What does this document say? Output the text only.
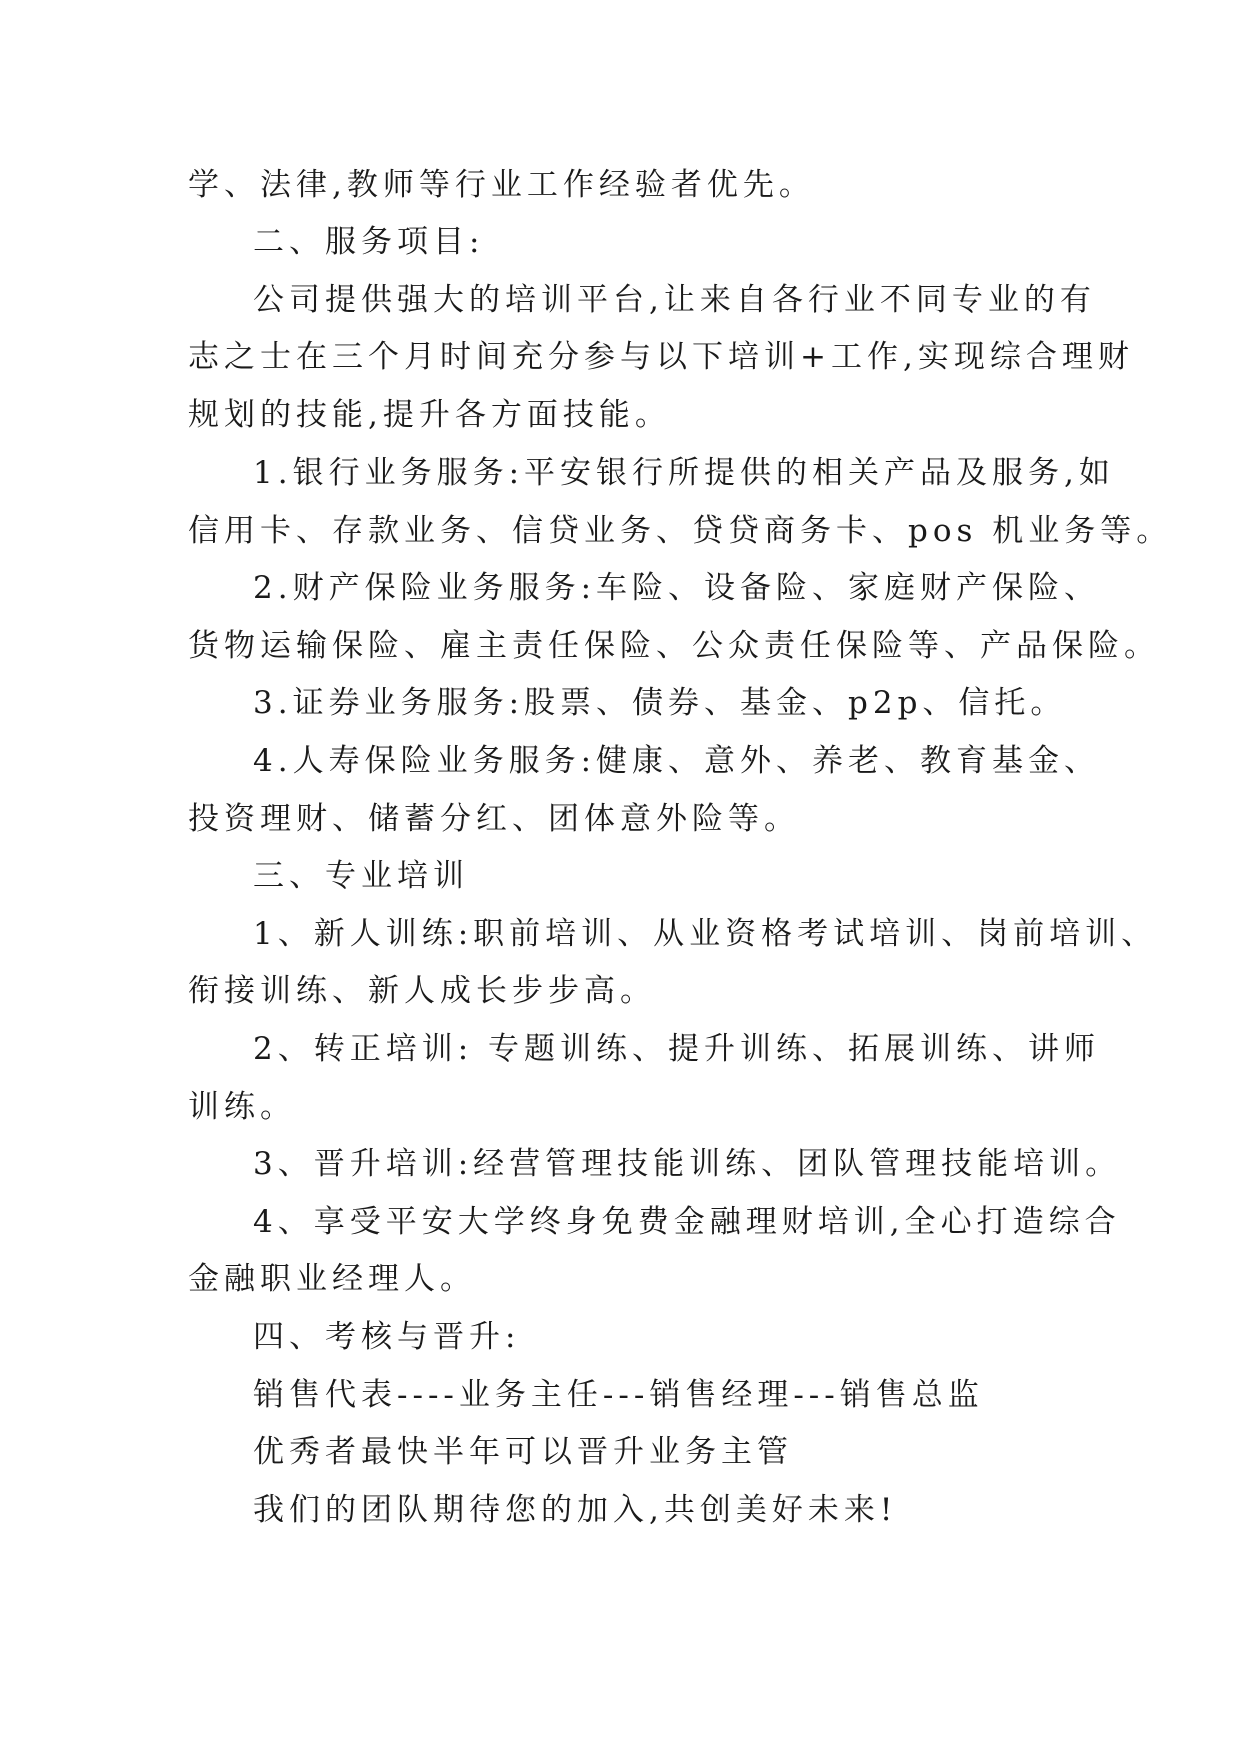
学、法律,教师等行业工作经验者优先。
二、服务项目:
公司提供强大的培训平台,让来自各行业不同专业的有
志之士在三个月时间充分参与以下培训+工作,实现综合理财
规划的技能,提升各方面技能。
1.银行业务服务:平安银行所提供的相关产品及服务,如
信用卡、存款业务、信贷业务、贷贷商务卡、pos 机业务等。
2.财产保险业务服务:车险、设备险、家庭财产保险、
货物运输保险、雇主责任保险、公众责任保险等、产品保险。
3.证券业务服务:股票、债券、基金、p2p、信托。
4.人寿保险业务服务:健康、意外、养老、教育基金、
投资理财、储蓄分红、团体意外险等。
三、专业培训
1、新人训练:职前培训、从业资格考试培训、岗前培训、
衔接训练、新人成长步步高。
2、转正培训: 专题训练、提升训练、拓展训练、讲师
训练。
3、晋升培训:经营管理技能训练、团队管理技能培训。
4、享受平安大学终身免费金融理财培训,全心打造综合
金融职业经理人。
四、考核与晋升:
销售代表----业务主任---销售经理---销售总监
优秀者最快半年可以晋升业务主管
我们的团队期待您的加入,共创美好未来!
